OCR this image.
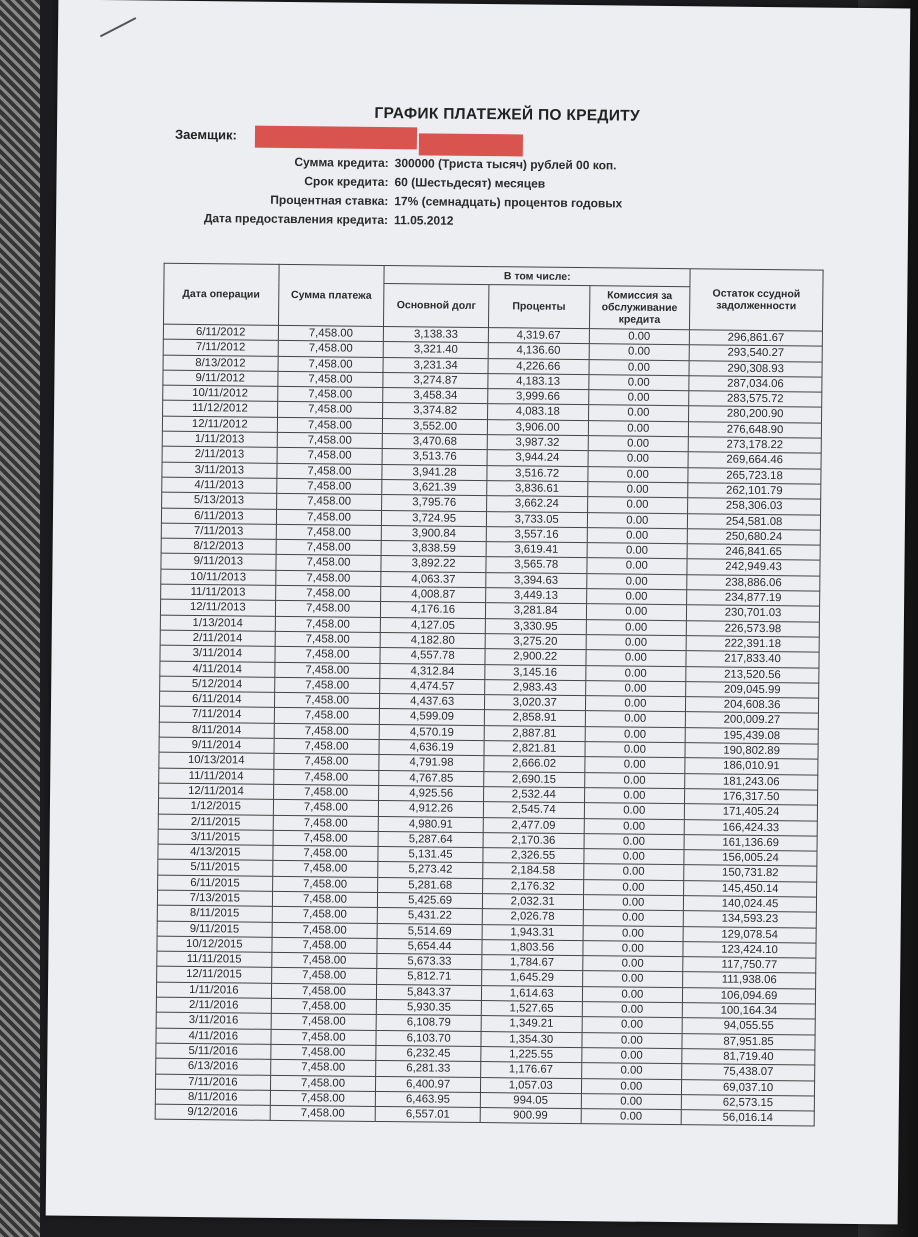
ГРАФИК ПЛАТЕЖЕЙ ПО КРЕДИТУ
Заемщик:
Сумма кредита: 300000 (Триста тысяч) рублей 00 коп.
Срок кредита: 60 (Шестьдесят) месяцев
Процентная ставка: 17% (семнадцать) процентов годовых
Дата предоставления кредита: 11.05.2012
Дата операции	Сумма платежа	В том числе:			Остаток ссудной задолженности
		Основной долг	Проценты	Комиссия за обслуживание кредита	
6/11/2012	7,458.00	3,138.33	4,319.67	0.00	296,861.67
7/11/2012	7,458.00	3,321.40	4,136.60	0.00	293,540.27
8/13/2012	7,458.00	3,231.34	4,226.66	0.00	290,308.93
9/11/2012	7,458.00	3,274.87	4,183.13	0.00	287,034.06
10/11/2012	7,458.00	3,458.34	3,999.66	0.00	283,575.72
11/12/2012	7,458.00	3,374.82	4,083.18	0.00	280,200.90
12/11/2012	7,458.00	3,552.00	3,906.00	0.00	276,648.90
1/11/2013	7,458.00	3,470.68	3,987.32	0.00	273,178.22
2/11/2013	7,458.00	3,513.76	3,944.24	0.00	269,664.46
3/11/2013	7,458.00	3,941.28	3,516.72	0.00	265,723.18
4/11/2013	7,458.00	3,621.39	3,836.61	0.00	262,101.79
5/13/2013	7,458.00	3,795.76	3,662.24	0.00	258,306.03
6/11/2013	7,458.00	3,724.95	3,733.05	0.00	254,581.08
7/11/2013	7,458.00	3,900.84	3,557.16	0.00	250,680.24
8/12/2013	7,458.00	3,838.59	3,619.41	0.00	246,841.65
9/11/2013	7,458.00	3,892.22	3,565.78	0.00	242,949.43
10/11/2013	7,458.00	4,063.37	3,394.63	0.00	238,886.06
11/11/2013	7,458.00	4,008.87	3,449.13	0.00	234,877.19
12/11/2013	7,458.00	4,176.16	3,281.84	0.00	230,701.03
1/13/2014	7,458.00	4,127.05	3,330.95	0.00	226,573.98
2/11/2014	7,458.00	4,182.80	3,275.20	0.00	222,391.18
3/11/2014	7,458.00	4,557.78	2,900.22	0.00	217,833.40
4/11/2014	7,458.00	4,312.84	3,145.16	0.00	213,520.56
5/12/2014	7,458.00	4,474.57	2,983.43	0.00	209,045.99
6/11/2014	7,458.00	4,437.63	3,020.37	0.00	204,608.36
7/11/2014	7,458.00	4,599.09	2,858.91	0.00	200,009.27
8/11/2014	7,458.00	4,570.19	2,887.81	0.00	195,439.08
9/11/2014	7,458.00	4,636.19	2,821.81	0.00	190,802.89
10/13/2014	7,458.00	4,791.98	2,666.02	0.00	186,010.91
11/11/2014	7,458.00	4,767.85	2,690.15	0.00	181,243.06
12/11/2014	7,458.00	4,925.56	2,532.44	0.00	176,317.50
1/12/2015	7,458.00	4,912.26	2,545.74	0.00	171,405.24
2/11/2015	7,458.00	4,980.91	2,477.09	0.00	166,424.33
3/11/2015	7,458.00	5,287.64	2,170.36	0.00	161,136.69
4/13/2015	7,458.00	5,131.45	2,326.55	0.00	156,005.24
5/11/2015	7,458.00	5,273.42	2,184.58	0.00	150,731.82
6/11/2015	7,458.00	5,281.68	2,176.32	0.00	145,450.14
7/13/2015	7,458.00	5,425.69	2,032.31	0.00	140,024.45
8/11/2015	7,458.00	5,431.22	2,026.78	0.00	134,593.23
9/11/2015	7,458.00	5,514.69	1,943.31	0.00	129,078.54
10/12/2015	7,458.00	5,654.44	1,803.56	0.00	123,424.10
11/11/2015	7,458.00	5,673.33	1,784.67	0.00	117,750.77
12/11/2015	7,458.00	5,812.71	1,645.29	0.00	111,938.06
1/11/2016	7,458.00	5,843.37	1,614.63	0.00	106,094.69
2/11/2016	7,458.00	5,930.35	1,527.65	0.00	100,164.34
3/11/2016	7,458.00	6,108.79	1,349.21	0.00	94,055.55
4/11/2016	7,458.00	6,103.70	1,354.30	0.00	87,951.85
5/11/2016	7,458.00	6,232.45	1,225.55	0.00	81,719.40
6/13/2016	7,458.00	6,281.33	1,176.67	0.00	75,438.07
7/11/2016	7,458.00	6,400.97	1,057.03	0.00	69,037.10
8/11/2016	7,458.00	6,463.95	994.05	0.00	62,573.15
9/12/2016	7,458.00	6,557.01	900.99	0.00	56,016.14
